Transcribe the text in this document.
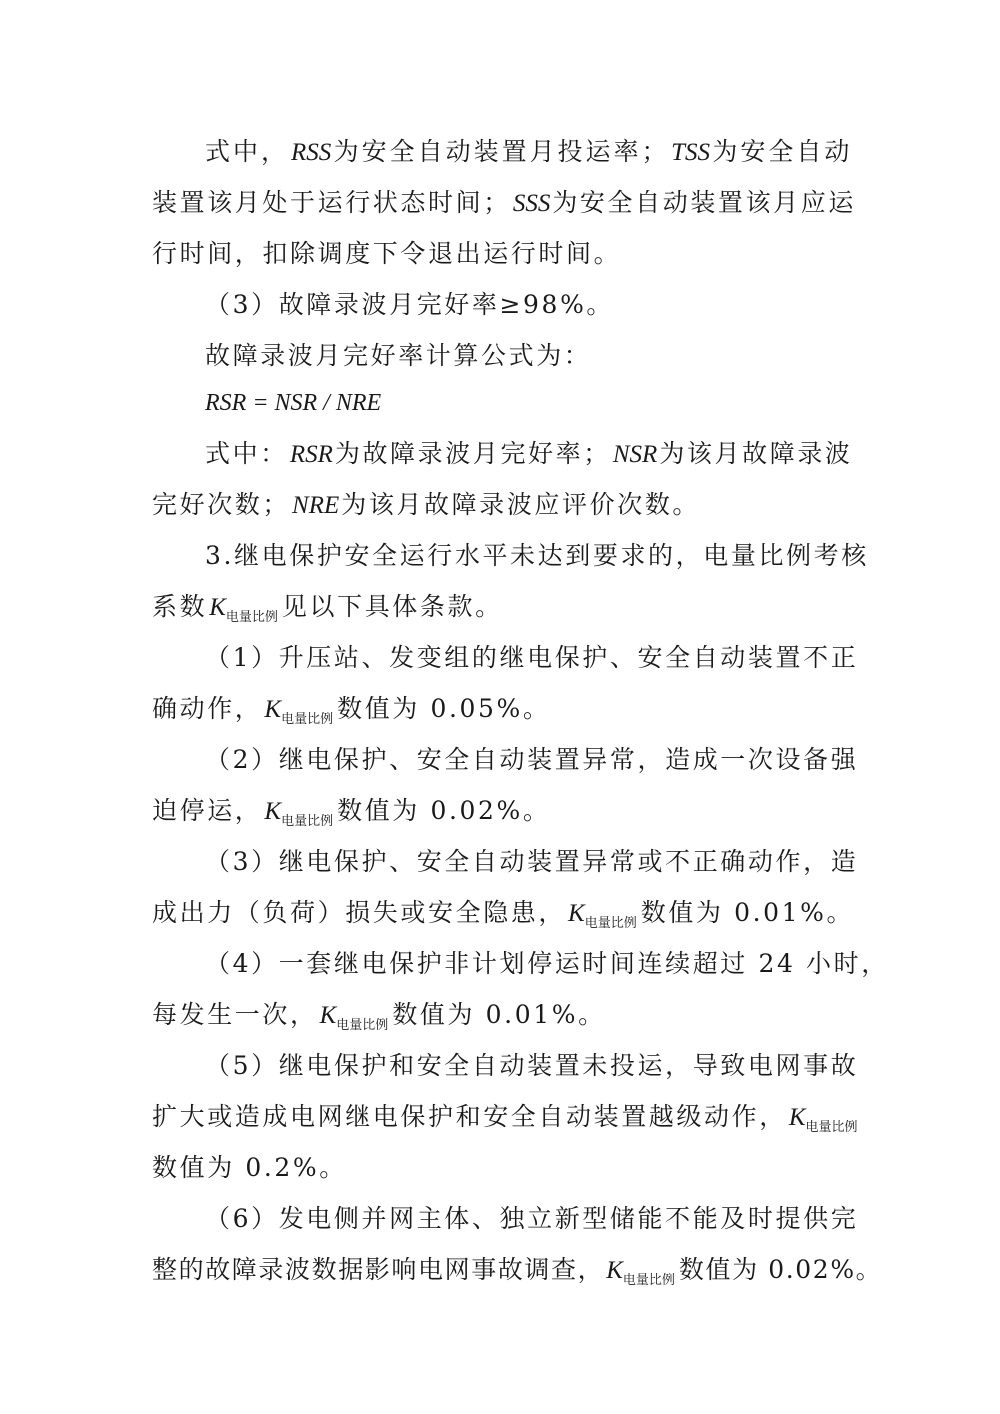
式中，RSS为安全自动装置月投运率；TSS为安全自动
装置该月处于运行状态时间；SSS为安全自动装置该月应运
行时间，扣除调度下令退出运行时间。
（3）故障录波月完好率≥98%。
故障录波月完好率计算公式为：
RSR = NSR / NRE
式中：RSR为故障录波月完好率；NSR为该月故障录波
完好次数；NRE为该月故障录波应评价次数。
3.继电保护安全运行水平未达到要求的，电量比例考核
系数$K_{电量比例}$ 见以下具体条款。
（1）升压站、发变组的继电保护、安全自动装置不正
确动作，$K_{电量比例}$ 数值为 0.05%。
（2）继电保护、安全自动装置异常，造成一次设备强
迫停运，$K_{电量比例}$ 数值为 0.02%。
（3）继电保护、安全自动装置异常或不正确动作，造
成出力（负荷）损失或安全隐患，$K_{电量比例}$ 数值为 0.01%。
（4）一套继电保护非计划停运时间连续超过 24 小时，
每发生一次，$K_{电量比例}$ 数值为 0.01%。
（5）继电保护和安全自动装置未投运，导致电网事故
扩大或造成电网继电保护和安全自动装置越级动作，$K_{电量比例}$
数值为 0.2%。
（6）发电侧并网主体、独立新型储能不能及时提供完
整的故障录波数据影响电网事故调查，$K_{电量比例}$ 数值为 0.02%。
